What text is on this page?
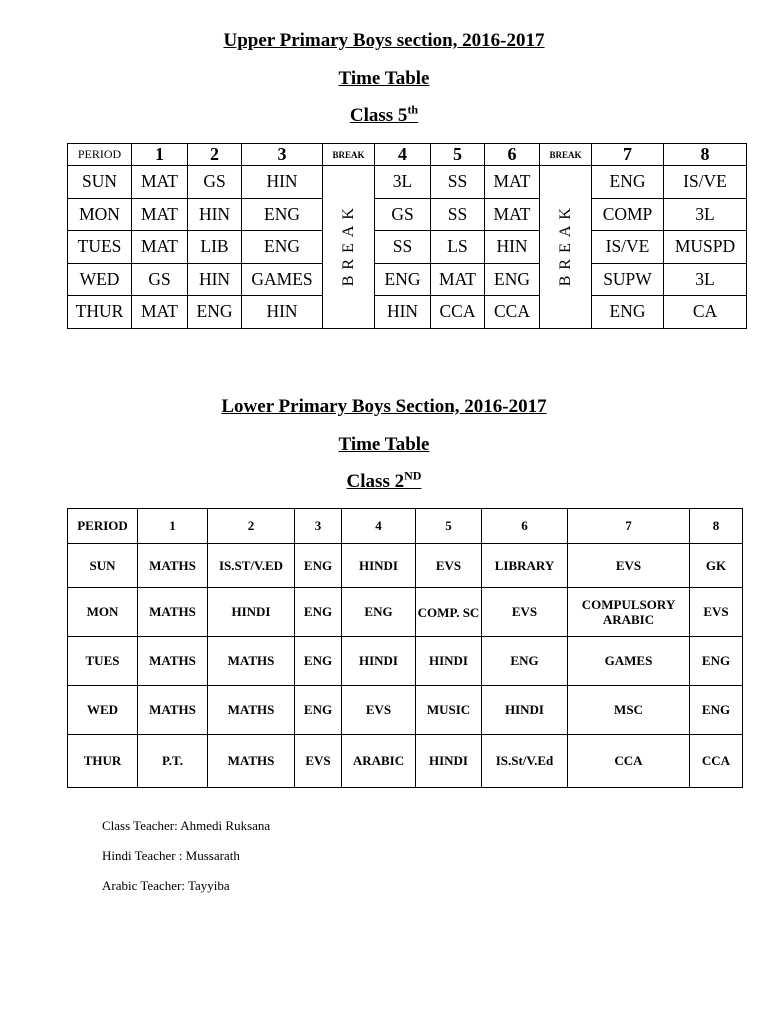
Upper Primary Boys section, 2016-2017

Time Table

Class 5th

PERIOD	1	2	3	BREAK	4	5	6	BREAK	7	8
SUN	MAT	GS	HIN	BREAK	3L	SS	MAT	BREAK	ENG	IS/VE
MON	MAT	HIN	ENG		GS	SS	MAT		COMP	3L
TUES	MAT	LIB	ENG		SS	LS	HIN		IS/VE	MUSPD
WED	GS	HIN	GAMES		ENG	MAT	ENG		SUPW	3L
THUR	MAT	ENG	HIN		HIN	CCA	CCA		ENG	CA

Lower Primary Boys Section, 2016-2017

Time Table

Class 2ND

PERIOD	1	2	3	4	5	6	7	8
SUN	MATHS	IS.ST/V.ED	ENG	HINDI	EVS	LIBRARY	EVS	GK
MON	MATHS	HINDI	ENG	ENG	COMP. SC	EVS	COMPULSORY ARABIC	EVS
TUES	MATHS	MATHS	ENG	HINDI	HINDI	ENG	GAMES	ENG
WED	MATHS	MATHS	ENG	EVS	MUSIC	HINDI	MSC	ENG
THUR	P.T.	MATHS	EVS	ARABIC	HINDI	IS.St/V.Ed	CCA	CCA

Class Teacher: Ahmedi Ruksana

Hindi Teacher : Mussarath

Arabic Teacher: Tayyiba
